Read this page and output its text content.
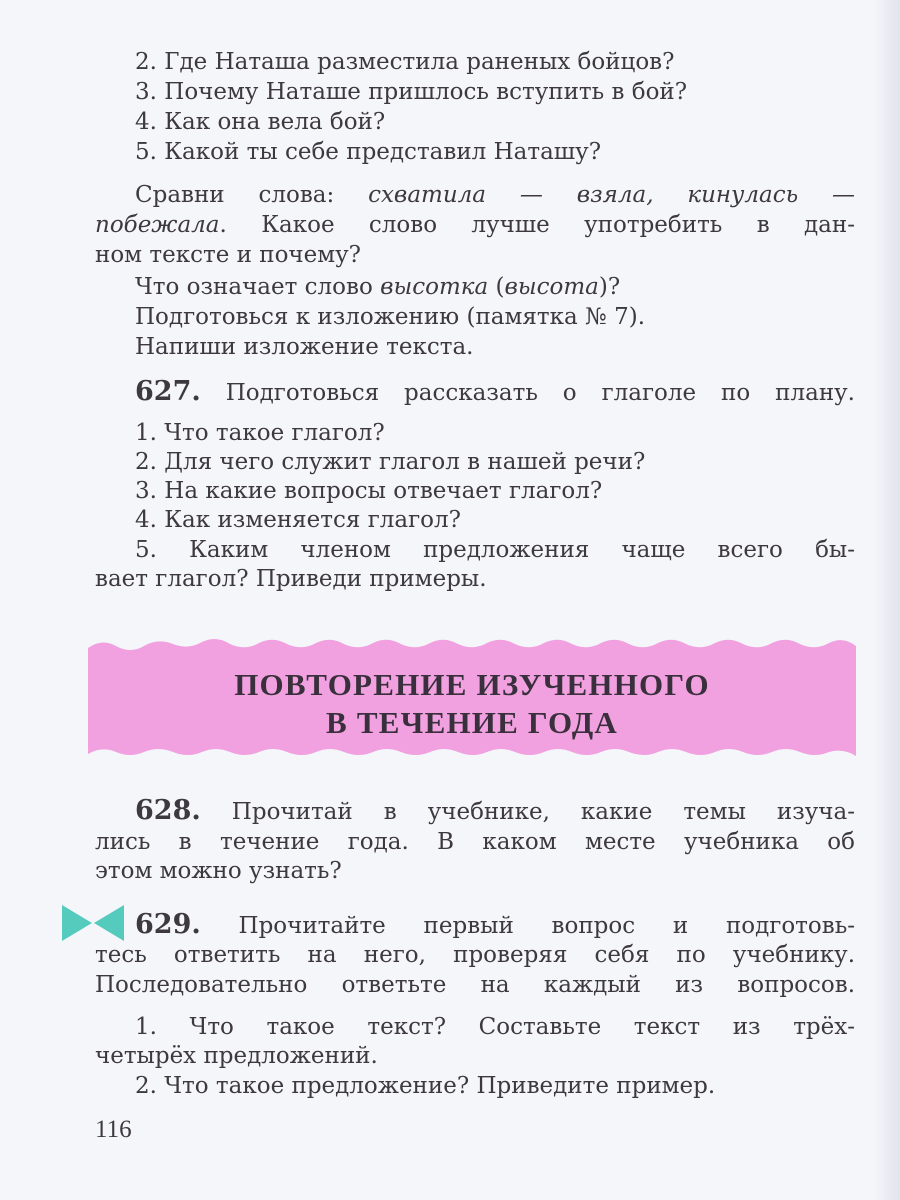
2. Где Наташа разместила раненых бойцов?
3. Почему Наташе пришлось вступить в бой?
4. Как она вела бой?
5. Какой ты себе представил Наташу?
Сравни слова: схватила — взяла, кинулась —
побежала. Какое слово лучше употребить в дан-
ном тексте и почему?
Что означает слово высотка (высота)?
Подготовься к изложению (памятка № 7).
Напиши изложение текста.
627. Подготовься рассказать о глаголе по плану.
1. Что такое глагол?
2. Для чего служит глагол в нашей речи?
3. На какие вопросы отвечает глагол?
4. Как изменяется глагол?
5. Каким членом предложения чаще всего бы-
вает глагол? Приведи примеры.
ПОВТОРЕНИЕ ИЗУЧЕННОГО
В ТЕЧЕНИЕ ГОДА
628. Прочитай в учебнике, какие темы изуча-
лись в течение года. В каком месте учебника об
этом можно узнать?
629. Прочитайте первый вопрос и подготовь-
тесь ответить на него, проверяя себя по учебнику.
Последовательно ответьте на каждый из вопросов.
1. Что такое текст? Составьте текст из трёх-
четырёх предложений.
2. Что такое предложение? Приведите пример.
116
